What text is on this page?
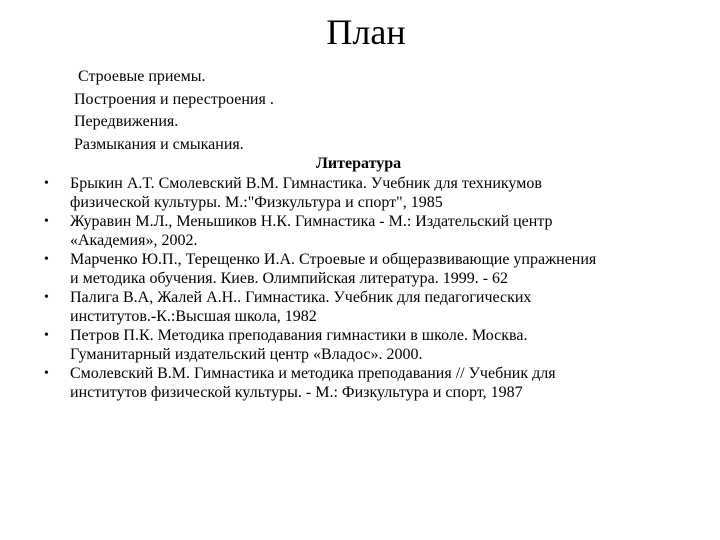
План
Строевые приемы.
Построения и перестроения .
Передвижения.
Размыкания и смыкания.
Литература
• Брыкин А.Т. Смолевский В.М. Гимнастика. Учебник для техникумов
физической культуры. М.:"Физкультура и спорт", 1985
• Журавин М.Л., Меньшиков Н.К. Гимнастика - М.: Издательский центр
«Академия», 2002.
• Марченко Ю.П., Терещенко И.А. Строевые и общеразвивающие упражнения
и методика обучения. Киев. Олимпийская литература. 1999. - 62
• Палига В.А, Жалей А.Н.. Гимнастика. Учебник для педагогических
институтов.-К.:Высшая школа, 1982
• Петров П.К. Методика преподавания гимнастики в школе. Москва.
Гуманитарный издательский центр «Владос». 2000.
• Смолевский В.М. Гимнастика и методика преподавания // Учебник для
институтов физической культуры. - М.: Физкультура и спорт, 1987
